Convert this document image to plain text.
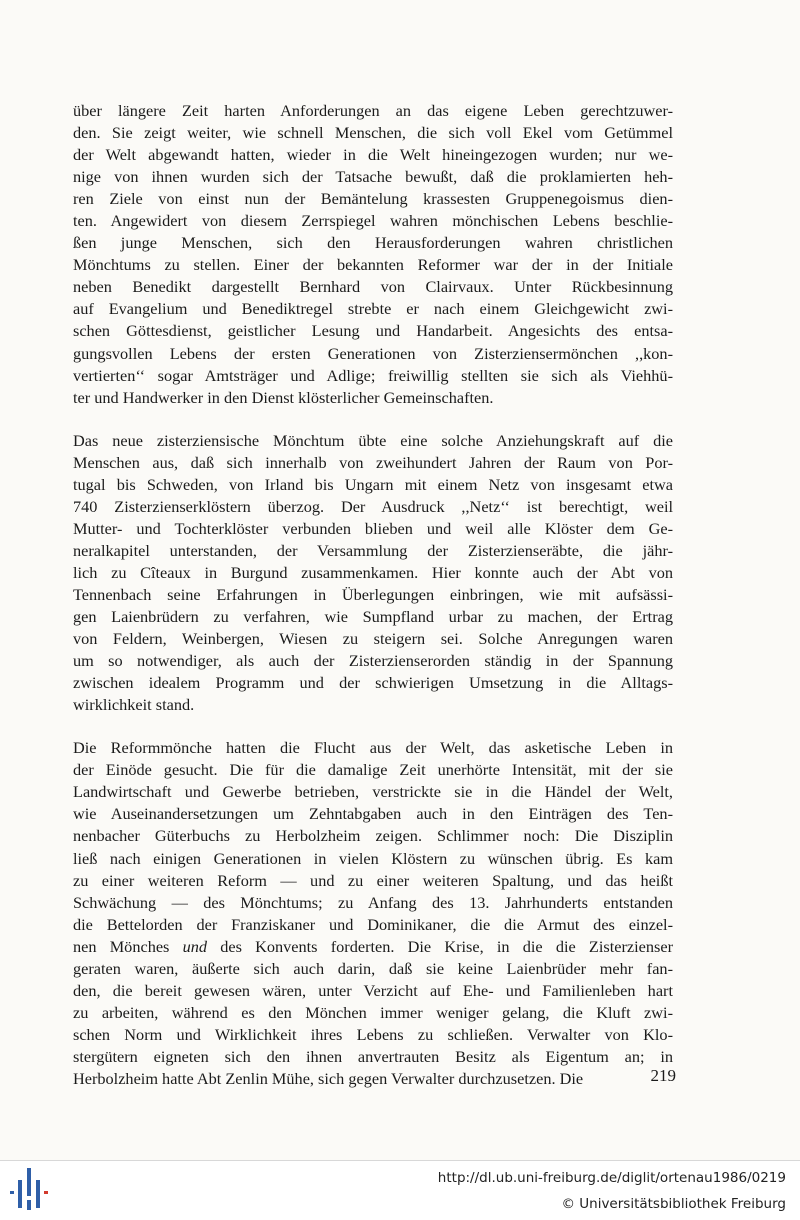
über längere Zeit harten Anforderungen an das eigene Leben gerechtzuwer-
den. Sie zeigt weiter, wie schnell Menschen, die sich voll Ekel vom Getümmel
der Welt abgewandt hatten, wieder in die Welt hineingezogen wurden; nur we-
nige von ihnen wurden sich der Tatsache bewußt, daß die proklamierten heh-
ren Ziele von einst nun der Bemäntelung krassesten Gruppenegoismus dien-
ten. Angewidert von diesem Zerrspiegel wahren mönchischen Lebens beschlie-
ßen junge Menschen, sich den Herausforderungen wahren christlichen
Mönchtums zu stellen. Einer der bekannten Reformer war der in der Initiale
neben Benedikt dargestellt Bernhard von Clairvaux. Unter Rückbesinnung
auf Evangelium und Benediktregel strebte er nach einem Gleichgewicht zwi-
schen Göttesdienst, geistlicher Lesung und Handarbeit. Angesichts des entsa-
gungsvollen Lebens der ersten Generationen von Zisterziensermönchen ,,kon-
vertierten‘‘ sogar Amtsträger und Adlige; freiwillig stellten sie sich als Viehhü-
ter und Handwerker in den Dienst klösterlicher Gemeinschaften.
Das neue zisterziensische Mönchtum übte eine solche Anziehungskraft auf die
Menschen aus, daß sich innerhalb von zweihundert Jahren der Raum von Por-
tugal bis Schweden, von Irland bis Ungarn mit einem Netz von insgesamt etwa
740 Zisterzienserklöstern überzog. Der Ausdruck ,,Netz‘‘ ist berechtigt, weil
Mutter- und Tochterklöster verbunden blieben und weil alle Klöster dem Ge-
neralkapitel unterstanden, der Versammlung der Zisterzienseräbte, die jähr-
lich zu Cîteaux in Burgund zusammenkamen. Hier konnte auch der Abt von
Tennenbach seine Erfahrungen in Überlegungen einbringen, wie mit aufsässi-
gen Laienbrüdern zu verfahren, wie Sumpfland urbar zu machen, der Ertrag
von Feldern, Weinbergen, Wiesen zu steigern sei. Solche Anregungen waren
um so notwendiger, als auch der Zisterzienserorden ständig in der Spannung
zwischen idealem Programm und der schwierigen Umsetzung in die Alltags-
wirklichkeit stand.
Die Reformmönche hatten die Flucht aus der Welt, das asketische Leben in
der Einöde gesucht. Die für die damalige Zeit unerhörte Intensität, mit der sie
Landwirtschaft und Gewerbe betrieben, verstrickte sie in die Händel der Welt,
wie Auseinandersetzungen um Zehntabgaben auch in den Einträgen des Ten-
nenbacher Güterbuchs zu Herbolzheim zeigen. Schlimmer noch: Die Disziplin
ließ nach einigen Generationen in vielen Klöstern zu wünschen übrig. Es kam
zu einer weiteren Reform — und zu einer weiteren Spaltung, und das heißt
Schwächung — des Mönchtums; zu Anfang des 13. Jahrhunderts entstanden
die Bettelorden der Franziskaner und Dominikaner, die die Armut des einzel-
nen Mönches und des Konvents forderten. Die Krise, in die die Zisterzienser
geraten waren, äußerte sich auch darin, daß sie keine Laienbrüder mehr fan-
den, die bereit gewesen wären, unter Verzicht auf Ehe- und Familienleben hart
zu arbeiten, während es den Mönchen immer weniger gelang, die Kluft zwi-
schen Norm und Wirklichkeit ihres Lebens zu schließen. Verwalter von Klo-
stergütern eigneten sich den ihnen anvertrauten Besitz als Eigentum an; in
Herbolzheim hatte Abt Zenlin Mühe, sich gegen Verwalter durchzusetzen. Die	219
http://dl.ub.uni-freiburg.de/diglit/ortenau1986/0219
© Universitätsbibliothek Freiburg
